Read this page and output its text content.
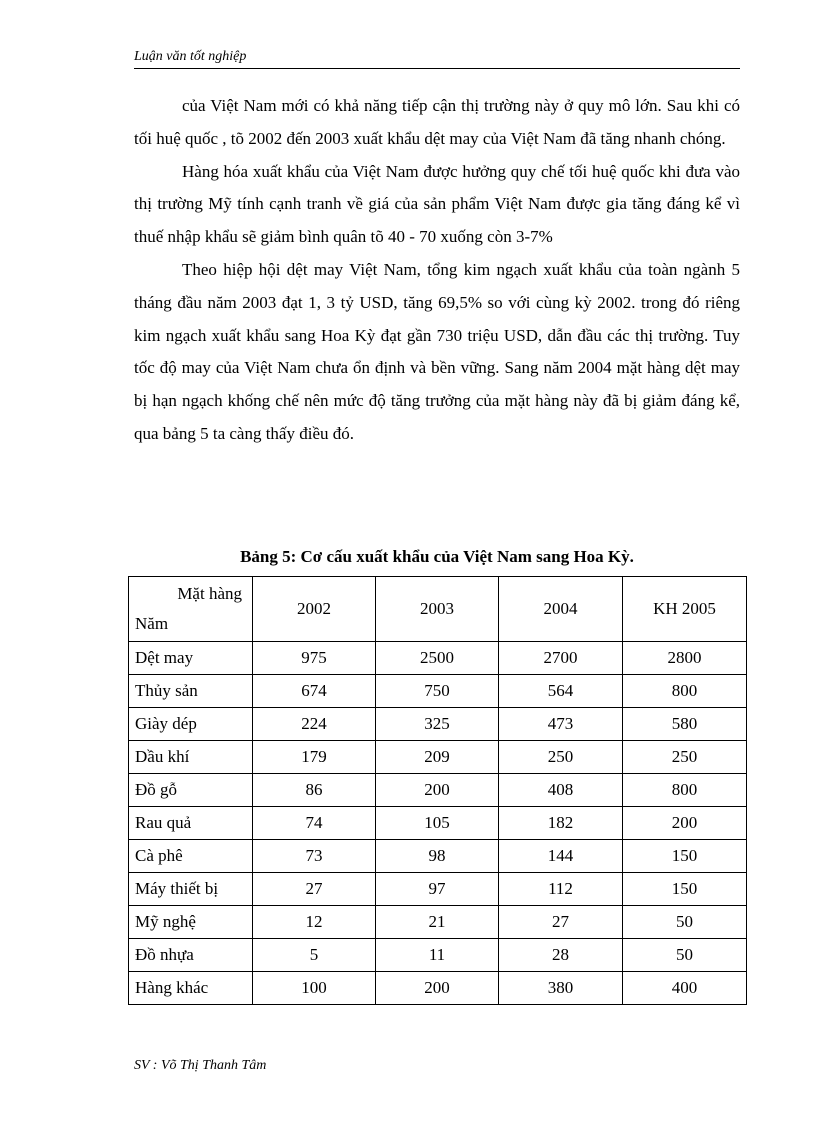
Luận văn tốt nghiệp

của Việt Nam mới có khả năng tiếp cận thị trường này ở quy mô lớn. Sau khi có tối huệ quốc , tõ 2002 đến 2003 xuất khẩu dệt may của Việt Nam đã tăng nhanh chóng.

Hàng hóa xuất khẩu của Việt Nam được hưởng quy chế tối huệ quốc khi đưa vào thị trường Mỹ tính cạnh tranh về giá của sản phẩm Việt Nam được gia tăng đáng kể vì thuế nhập khẩu sẽ giảm bình quân tõ 40 - 70 xuống còn 3-7%

Theo hiệp hội dệt may Việt Nam, tổng kim ngạch xuất khẩu của toàn ngành 5 tháng đầu năm 2003 đạt 1, 3 tỷ USD, tăng 69,5% so với cùng kỳ 2002. trong đó riêng kim ngạch xuất khẩu sang Hoa Kỳ đạt gần 730 triệu USD, dẫn đầu các thị trường. Tuy tốc độ may của Việt Nam chưa ổn định và bền vững. Sang năm 2004 mặt hàng dệt may bị hạn ngạch khống chế nên mức độ tăng trưởng của mặt hàng này đã bị giảm đáng kể, qua bảng 5 ta càng thấy điều đó.

Bảng 5: Cơ cấu xuất khẩu của Việt Nam sang Hoa Kỳ.
Mặt hàng
Năm	2002	2003	2004	KH 2005
Dệt may	975	2500	2700	2800
Thủy sản	674	750	564	800
Giày dép	224	325	473	580
Dầu khí	179	209	250	250
Đồ gỗ	86	200	408	800
Rau quả	74	105	182	200
Cà phê	73	98	144	150
Máy thiết bị	27	97	112	150
Mỹ nghệ	12	21	27	50
Đồ nhựa	5	11	28	50
Hàng khác	100	200	380	400
SV : Võ Thị Thanh Tâm
